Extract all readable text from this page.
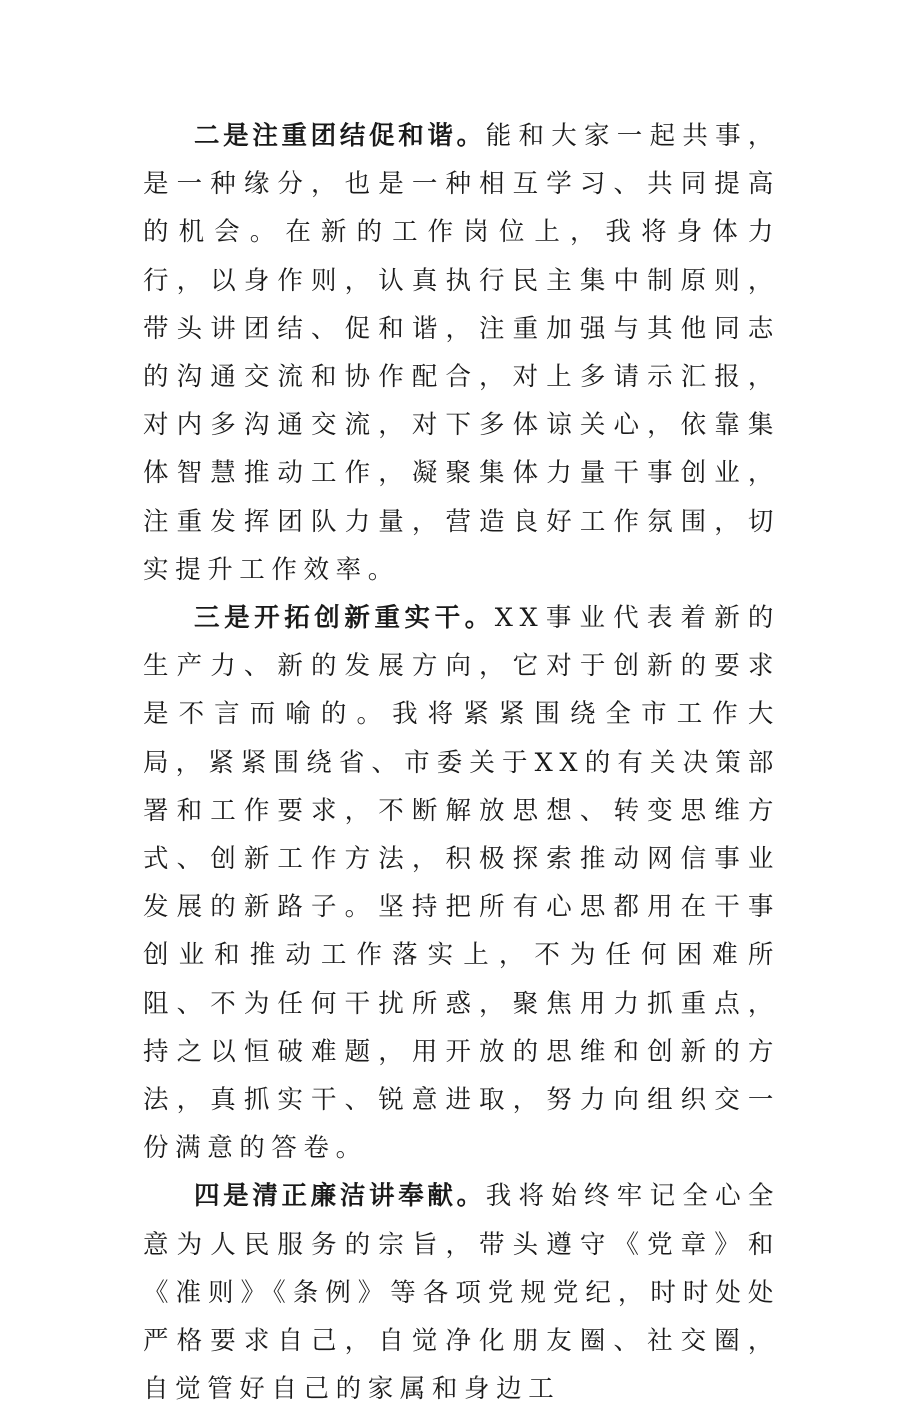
二是注重团结促和谐。能和大家一起共事，是一种缘分，也是一种相互学习、共同提高的机会。在新的工作岗位上，我将身体力行，以身作则，认真执行民主集中制原则，带头讲团结、促和谐，注重加强与其他同志的沟通交流和协作配合，对上多请示汇报，对内多沟通交流，对下多体谅关心，依靠集体智慧推动工作，凝聚集体力量干事创业，注重发挥团队力量，营造良好工作氛围，切实提升工作效率。

三是开拓创新重实干。XX事业代表着新的生产力、新的发展方向，它对于创新的要求是不言而喻的。我将紧紧围绕全市工作大局，紧紧围绕省、市委关于XX的有关决策部署和工作要求，不断解放思想、转变思维方式、创新工作方法，积极探索推动网信事业发展的新路子。坚持把所有心思都用在干事创业和推动工作落实上，不为任何困难所阻、不为任何干扰所惑，聚焦用力抓重点，持之以恒破难题，用开放的思维和创新的方法，真抓实干、锐意进取，努力向组织交一份满意的答卷。

四是清正廉洁讲奉献。我将始终牢记全心全意为人民服务的宗旨，带头遵守《党章》和《准则》《条例》等各项党规党纪，时时处处严格要求自己，自觉净化朋友圈、社交圈，自觉管好自己的家属和身边工
